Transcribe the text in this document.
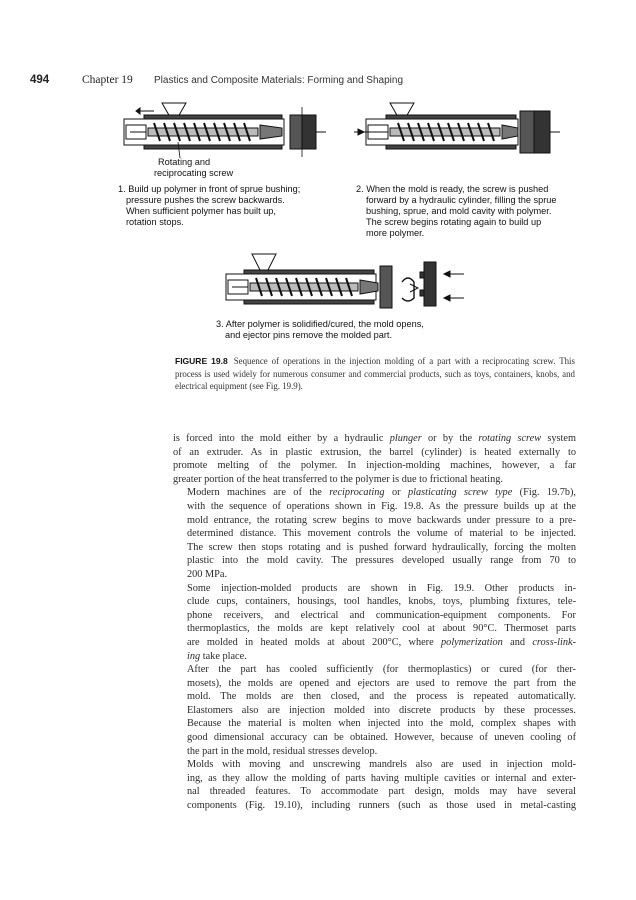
494	Chapter 19 Plastics and Composite Materials: Forming and Shaping
Rotating and
reciprocating screw
1. Build up polymer in front of sprue bushing;
pressure pushes the screw backwards.
When sufficient polymer has built up,
rotation stops.
2. When the mold is ready, the screw is pushed
forward by a hydraulic cylinder, filling the sprue
bushing, sprue, and mold cavity with polymer.
The screw begins rotating again to build up
more polymer.
3. After polymer is solidified/cured, the mold opens,
and ejector pins remove the molded part.
FIGURE 19.8 Sequence of operations in the injection molding of a part with a reciprocating screw. This process is used widely for numerous consumer and commercial products, such as toys, containers, knobs, and electrical equipment (see Fig. 19.9).

is forced into the mold either by a hydraulic plunger or by the rotating screw system
of an extruder. As in plastic extrusion, the barrel (cylinder) is heated externally to
promote melting of the polymer. In injection-molding machines, however, a far
greater portion of the heat transferred to the polymer is due to frictional heating.

Modern machines are of the reciprocating or plasticating screw type (Fig. 19.7b),
with the sequence of operations shown in Fig. 19.8. As the pressure builds up at the
mold entrance, the rotating screw begins to move backwards under pressure to a pre-
determined distance. This movement controls the volume of material to be injected.
The screw then stops rotating and is pushed forward hydraulically, forcing the molten
plastic into the mold cavity. The pressures developed usually range from 70 to
200 MPa.

Some injection-molded products are shown in Fig. 19.9. Other products in-
clude cups, containers, housings, tool handles, knobs, toys, plumbing fixtures, tele-
phone receivers, and electrical and communication-equipment components. For
thermoplastics, the molds are kept relatively cool at about 90°C. Thermoset parts
are molded in heated molds at about 200°C, where polymerization and cross-link-
ing take place.

After the part has cooled sufficiently (for thermoplastics) or cured (for ther-
mosets), the molds are opened and ejectors are used to remove the part from the
mold. The molds are then closed, and the process is repeated automatically.
Elastomers also are injection molded into discrete products by these processes.
Because the material is molten when injected into the mold, complex shapes with
good dimensional accuracy can be obtained. However, because of uneven cooling of
the part in the mold, residual stresses develop.

Molds with moving and unscrewing mandrels also are used in injection mold-
ing, as they allow the molding of parts having multiple cavities or internal and exter-
nal threaded features. To accommodate part design, molds may have several
components (Fig. 19.10), including runners (such as those used in metal-casting
